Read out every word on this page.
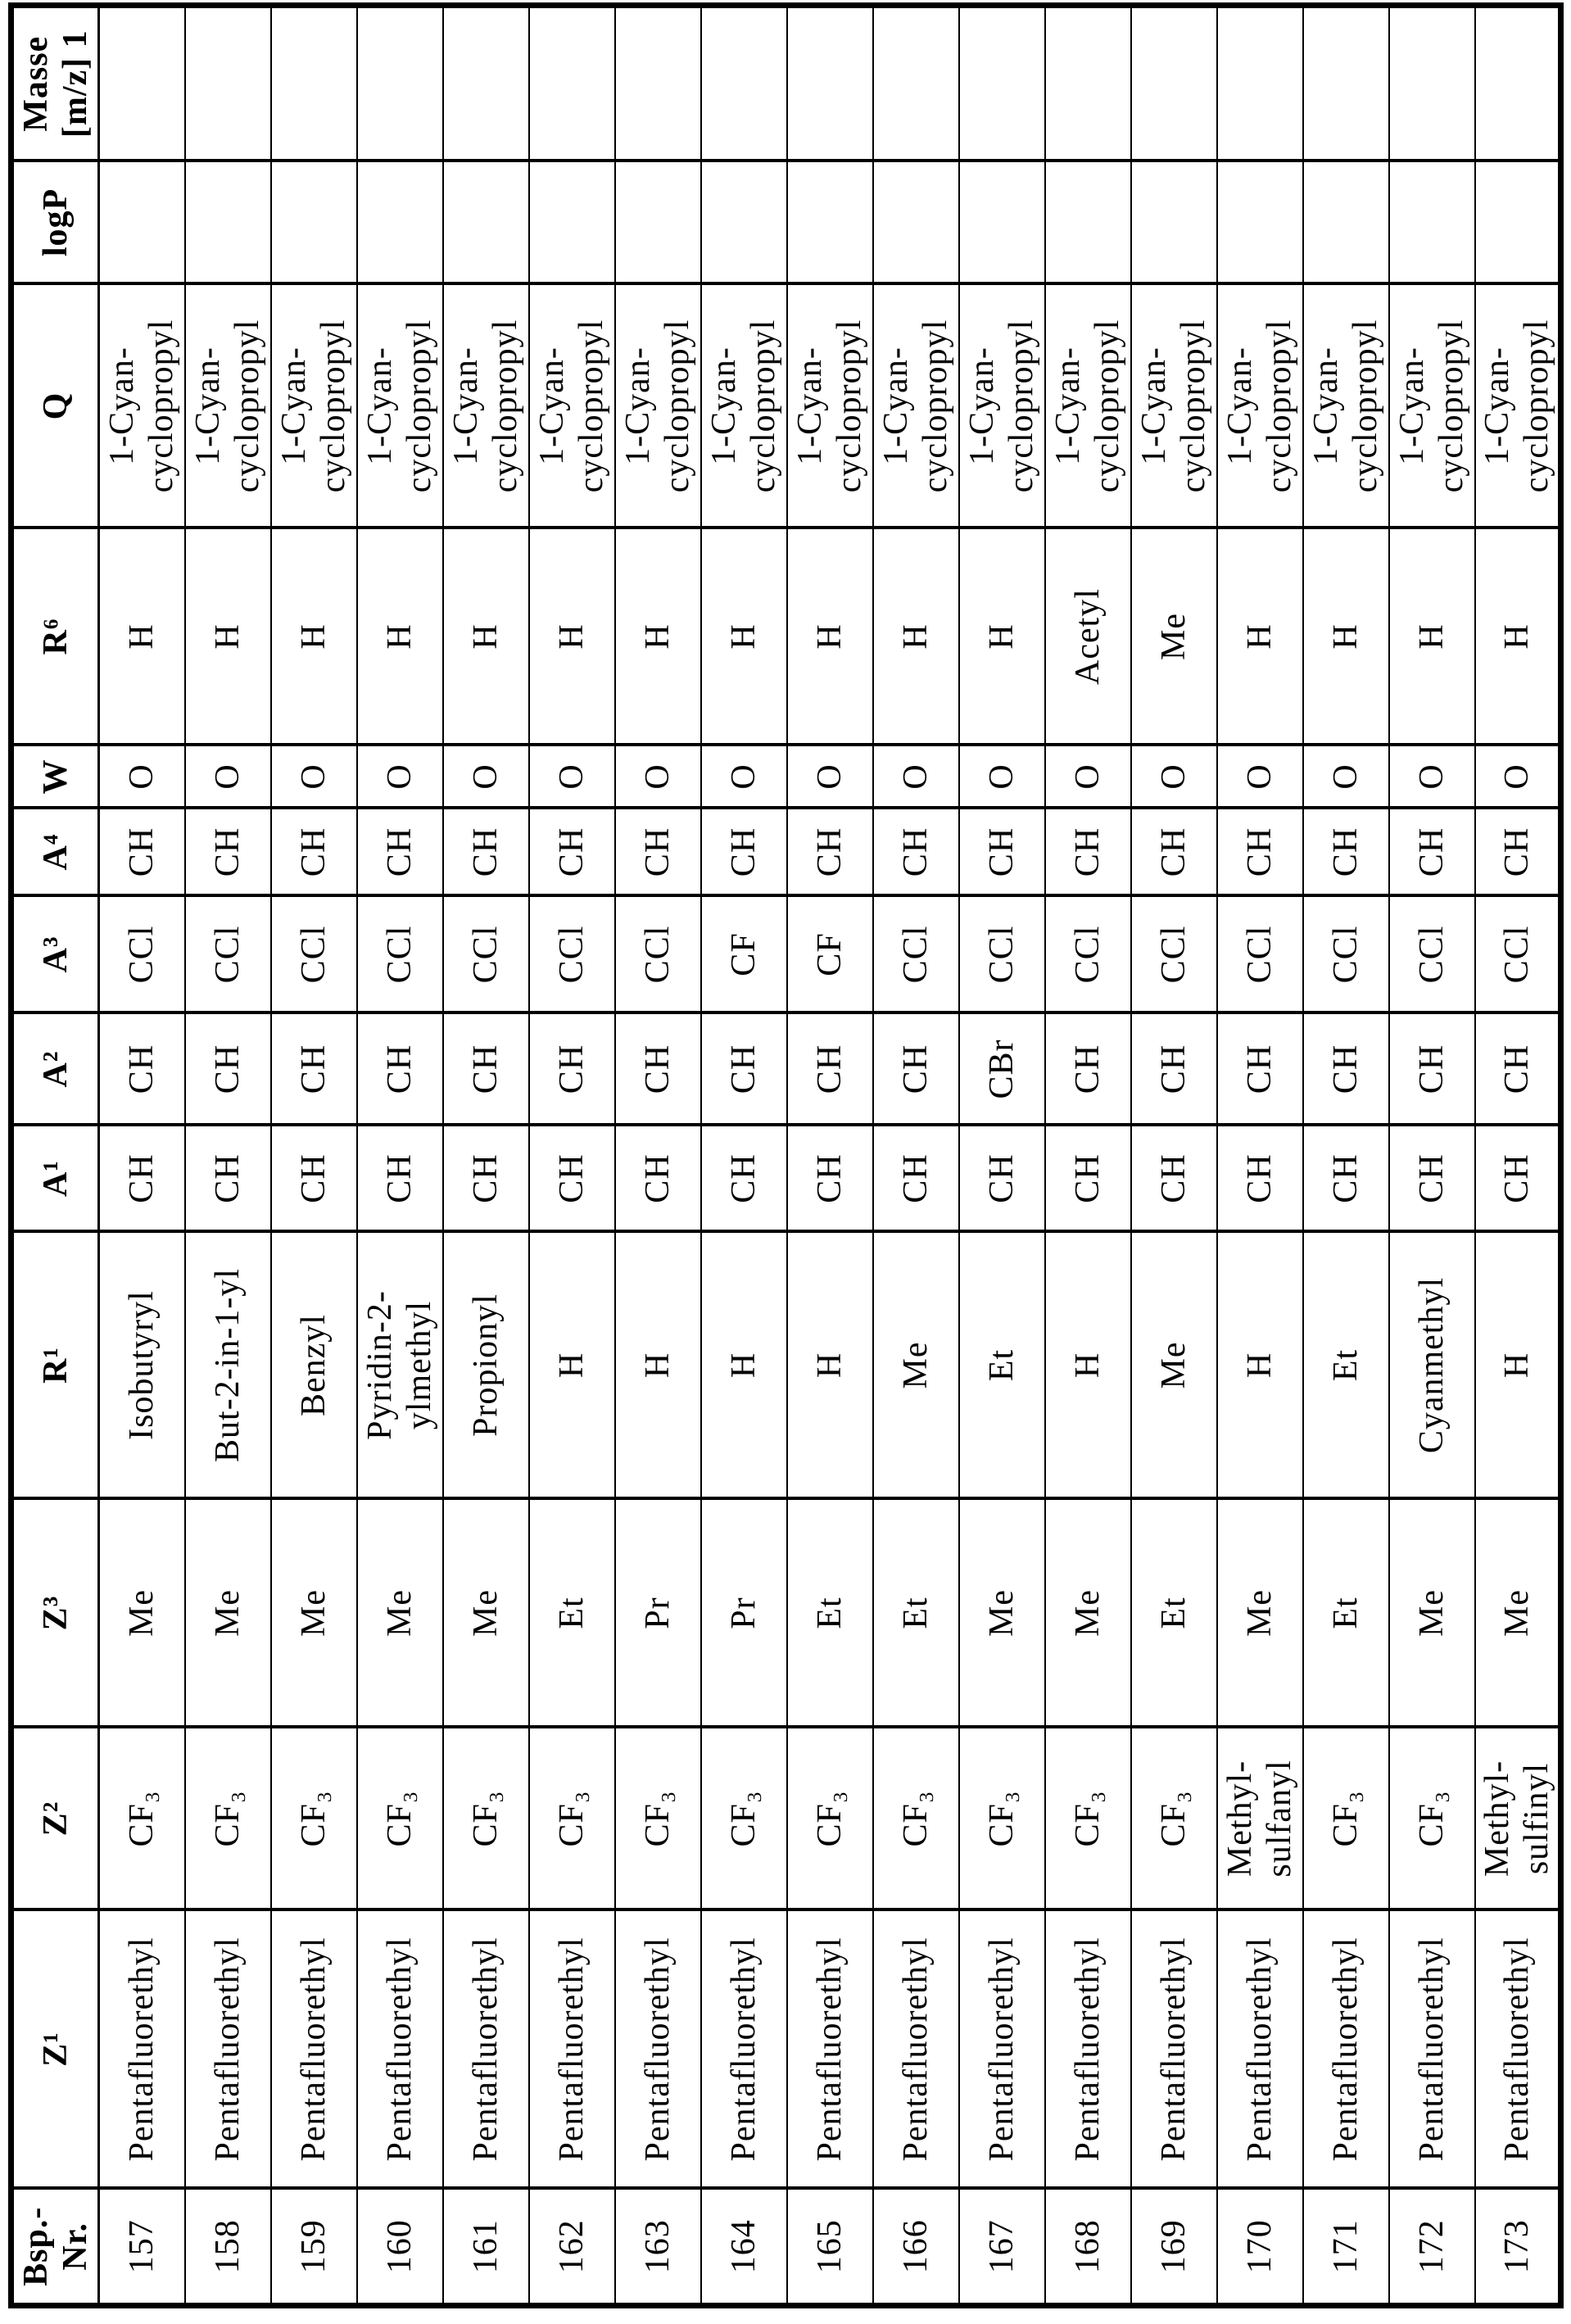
Bsp.-
Nr.	Z¹	Z²	Z³	R¹	A¹	A²	A³	A⁴	W	R⁶	Q	logP	Masse
[m/z] 1
157	Pentafluorethyl	CF₃	Me	Isobutyryl	CH	CH	CCl	CH	O	H	1-Cyan-
cyclopropyl		
158	Pentafluorethyl	CF₃	Me	But-2-in-1-yl	CH	CH	CCl	CH	O	H	1-Cyan-
cyclopropyl		
159	Pentafluorethyl	CF₃	Me	Benzyl	CH	CH	CCl	CH	O	H	1-Cyan-
cyclopropyl		
160	Pentafluorethyl	CF₃	Me	Pyridin-2-
ylmethyl	CH	CH	CCl	CH	O	H	1-Cyan-
cyclopropyl		
161	Pentafluorethyl	CF₃	Me	Propionyl	CH	CH	CCl	CH	O	H	1-Cyan-
cyclopropyl		
162	Pentafluorethyl	CF₃	Et	H	CH	CH	CCl	CH	O	H	1-Cyan-
cyclopropyl		
163	Pentafluorethyl	CF₃	Pr	H	CH	CH	CCl	CH	O	H	1-Cyan-
cyclopropyl		
164	Pentafluorethyl	CF₃	Pr	H	CH	CH	CF	CH	O	H	1-Cyan-
cyclopropyl		
165	Pentafluorethyl	CF₃	Et	H	CH	CH	CF	CH	O	H	1-Cyan-
cyclopropyl		
166	Pentafluorethyl	CF₃	Et	Me	CH	CH	CCl	CH	O	H	1-Cyan-
cyclopropyl		
167	Pentafluorethyl	CF₃	Me	Et	CH	CBr	CCl	CH	O	H	1-Cyan-
cyclopropyl		
168	Pentafluorethyl	CF₃	Me	H	CH	CH	CCl	CH	O	Acetyl	1-Cyan-
cyclopropyl		
169	Pentafluorethyl	CF₃	Et	Me	CH	CH	CCl	CH	O	Me	1-Cyan-
cyclopropyl		
170	Pentafluorethyl	Methyl-
sulfanyl	Me	H	CH	CH	CCl	CH	O	H	1-Cyan-
cyclopropyl		
171	Pentafluorethyl	CF₃	Et	Et	CH	CH	CCl	CH	O	H	1-Cyan-
cyclopropyl		
172	Pentafluorethyl	CF₃	Me	Cyanmethyl	CH	CH	CCl	CH	O	H	1-Cyan-
cyclopropyl		
173	Pentafluorethyl	Methyl-
sulfinyl	Me	H	CH	CH	CCl	CH	O	H	1-Cyan-
cyclopropyl		
